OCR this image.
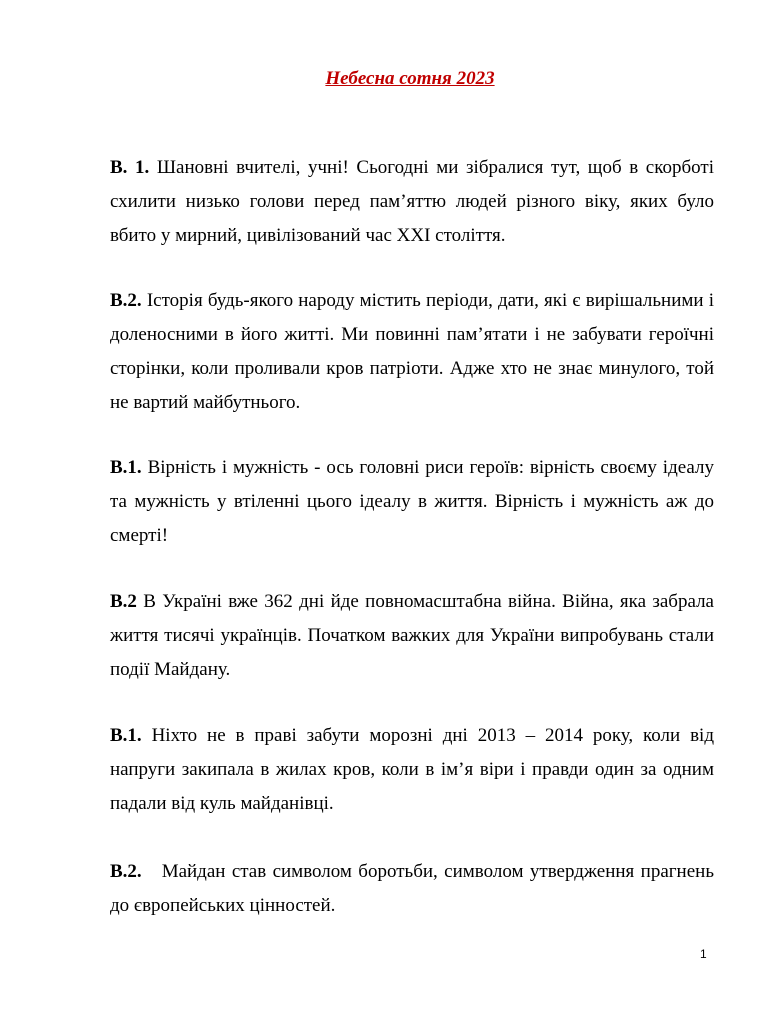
Небесна сотня 2023

В. 1. Шановні вчителі, учні! Сьогодні ми зібралися тут, щоб в скорботі схилити низько голови перед пам’яттю людей різного віку, яких було вбито у мирний, цивілізований час ХХІ століття.

В.2. Історія будь-якого народу містить періоди, дати, які є вирішальними і доленосними в його житті. Ми повинні пам’ятати і не забувати героїчні сторінки, коли проливали кров патріоти. Адже хто не знає минулого, той не вартий майбутнього.

В.1. Вірність і мужність - ось головні риси героїв: вірність своєму ідеалу та мужність у втіленні цього ідеалу в життя. Вірність і мужність аж до смерті!

В.2 В Україні вже 362 дні йде повномасштабна війна. Війна, яка забрала життя тисячі українців. Початком важких для України випробувань стали події Майдану.

В.1. Ніхто не в праві забути морозні дні 2013 – 2014 року, коли від напруги закипала в жилах кров, коли в ім’я віри і правди один за одним падали від куль майданівці.

В.2. Майдан став символом боротьби, символом утвердження прагнень до європейських цінностей.

1
